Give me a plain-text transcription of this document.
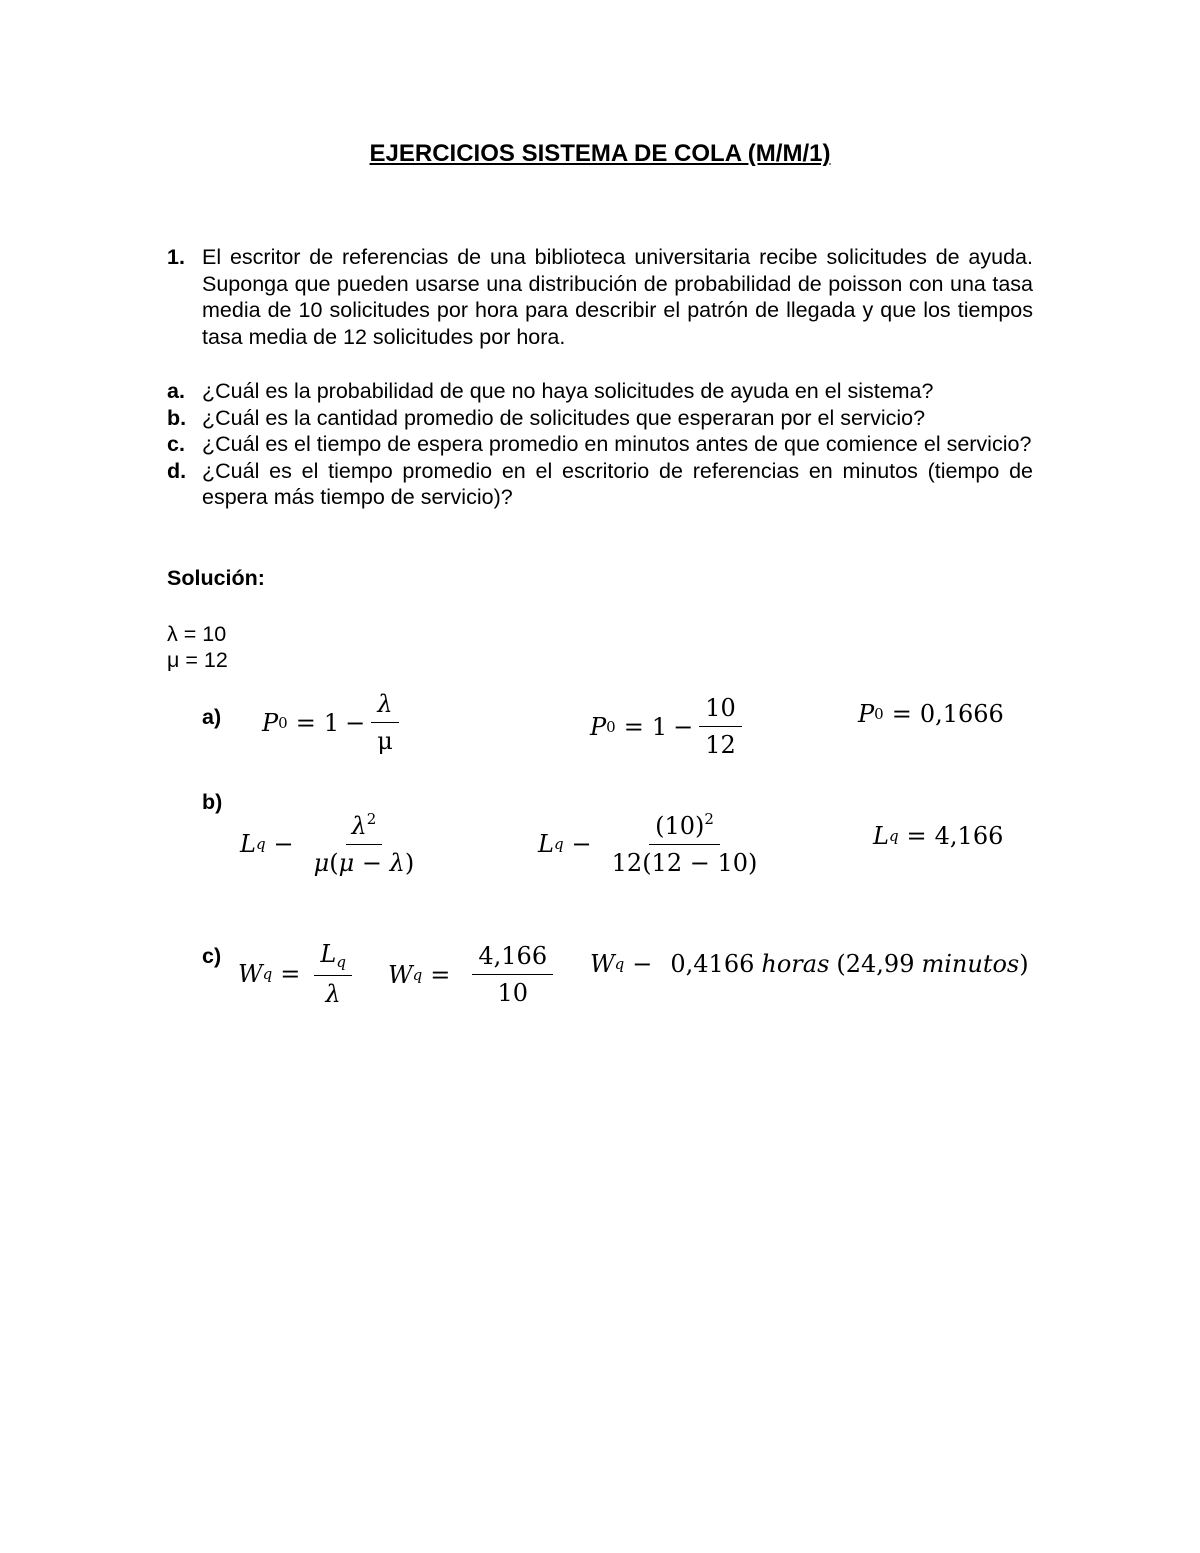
EJERCICIOS SISTEMA DE COLA (M/M/1)
1. El escritor de referencias de una biblioteca universitaria recibe solicitudes de ayuda. Suponga que pueden usarse una distribución de probabilidad de poisson con una tasa media de 10 solicitudes por hora para describir el patrón de llegada y que los tiempos tasa media de 12 solicitudes por hora.
a. ¿Cuál es la probabilidad de que no haya solicitudes de ayuda en el sistema?
b. ¿Cuál es la cantidad promedio de solicitudes que esperaran por el servicio?
c. ¿Cuál es el tiempo de espera promedio en minutos antes de que comience el servicio?
d. ¿Cuál es el tiempo promedio en el escritorio de referencias en minutos (tiempo de espera más tiempo de servicio)?
Solución:
λ = 10
μ = 12
a) P $0 = 1 - \frac{\lambda}{\mu}$	P $0 = 1 - \frac{10}{12}$	P 0 = 0,1666
b)
L $q - \frac{\lambda^2}{\mu(\mu - \lambda)}$	L $q - \frac{(10)^2}{12(12 - 10)}$	L q = 4,166
c)
W $q = \frac{L_q}{\lambda}$ W $q = \frac{4,166}{10}$ W q − 0,4166 horas ( 24,99 minutos )
